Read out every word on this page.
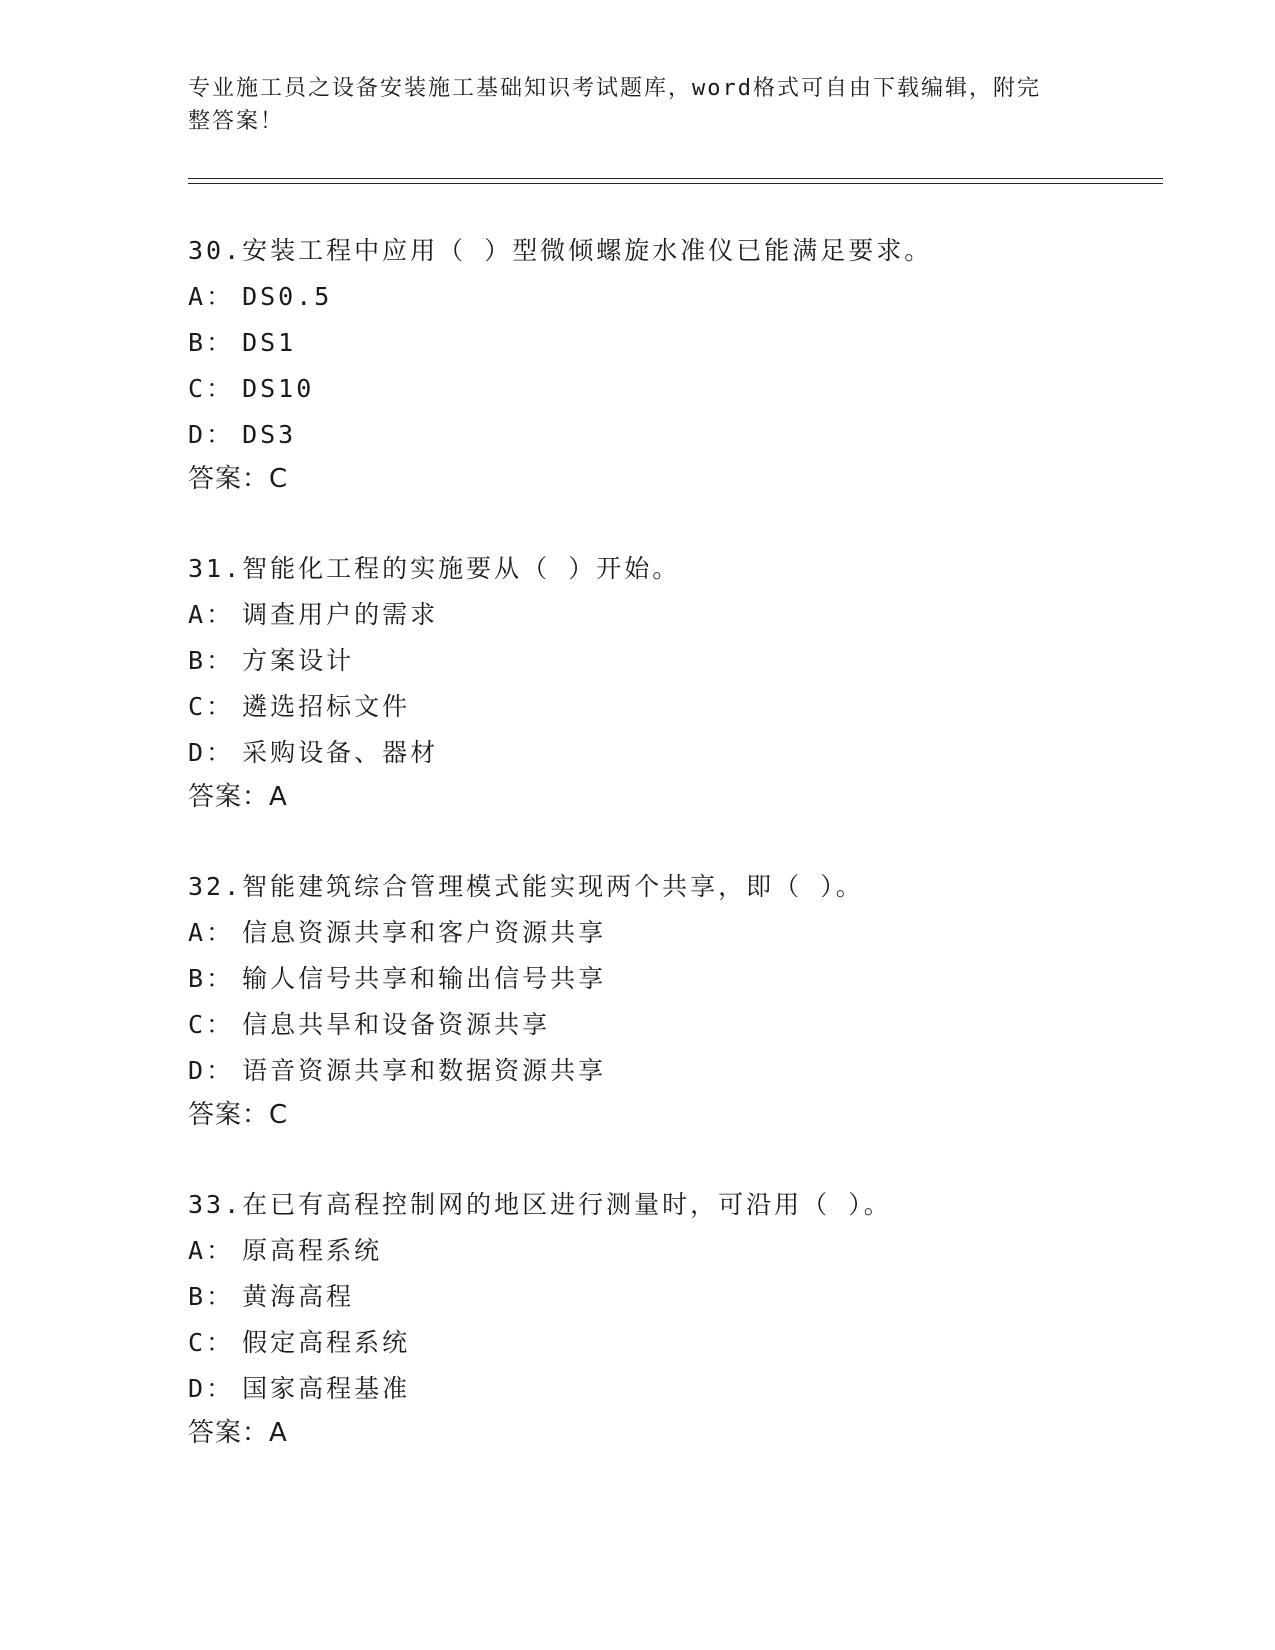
专业施工员之设备安装施工基础知识考试题库，word格式可自由下载编辑，附完
整答案！
30.安装工程中应用（ ）型微倾螺旋水准仪已能满足要求。
A： DS0.5
B： DS1
C： DS10
D： DS3
答案：C
31.智能化工程的实施要从（ ）开始。
A： 调查用户的需求
B： 方案设计
C： 遴选招标文件
D： 采购设备、器材
答案：A
32.智能建筑综合管理模式能实现两个共享，即（ ）。
A： 信息资源共享和客户资源共享
B： 输人信号共享和输出信号共享
C： 信息共旱和设备资源共享
D： 语音资源共享和数据资源共享
答案：C
33.在已有高程控制网的地区进行测量时，可沿用（ ）。
A： 原高程系统
B： 黄海高程
C： 假定高程系统
D： 国家高程基准
答案：A
